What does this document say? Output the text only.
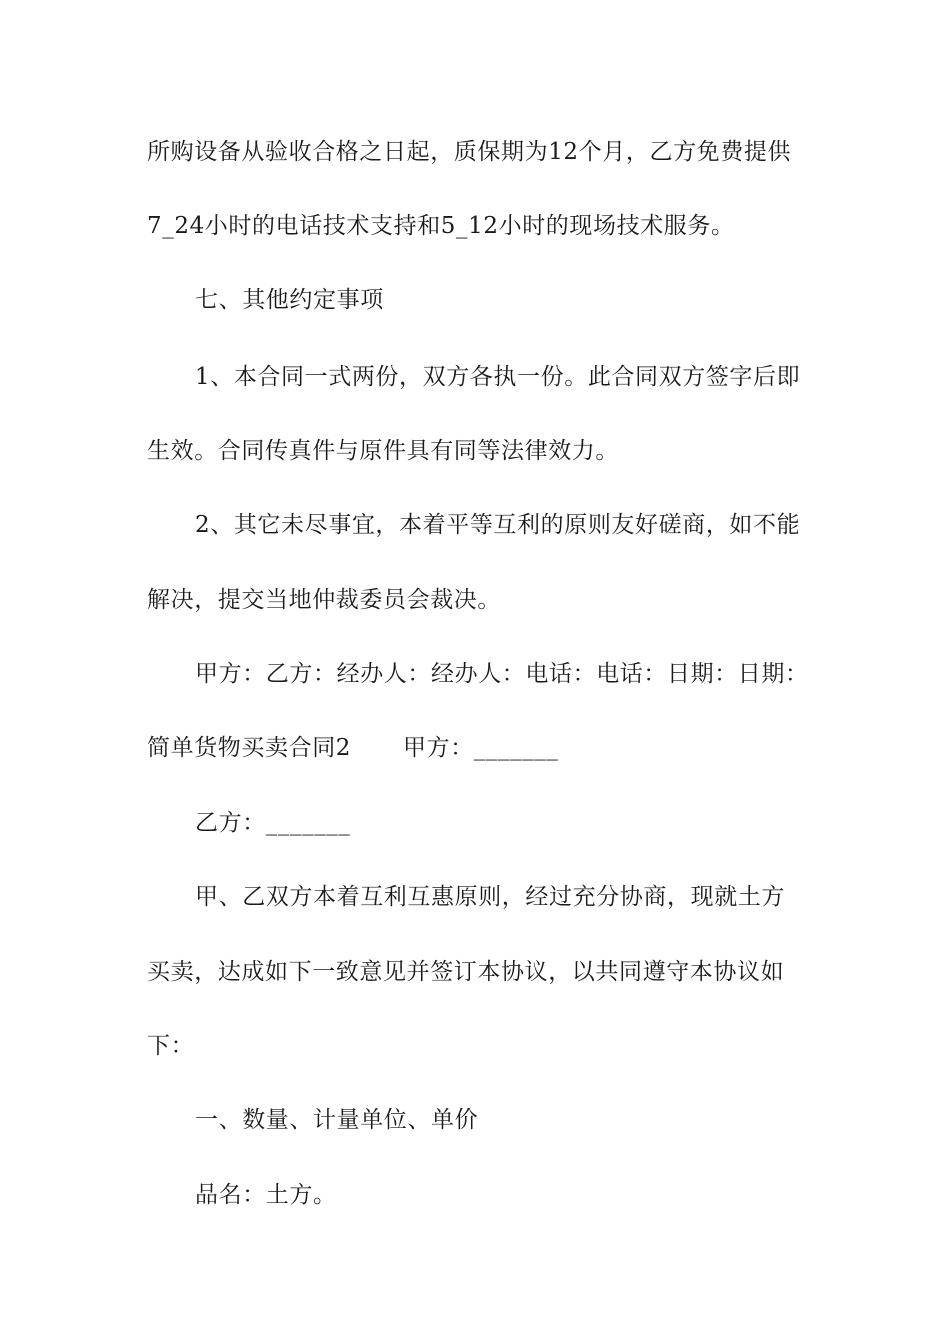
所购设备从验收合格之日起，质保期为12个月，乙方免费提供
7_24小时的电话技术支持和5_12小时的现场技术服务。
七、其他约定事项
1、本合同一式两份，双方各执一份。此合同双方签字后即
生效。合同传真件与原件具有同等法律效力。
2、其它未尽事宜，本着平等互利的原则友好磋商，如不能
解决，提交当地仲裁委员会裁决。
甲方：乙方：经办人：经办人：电话：电话：日期：日期：
简单货物买卖合同2	甲方：_______
乙方：_______
甲、乙双方本着互利互惠原则，经过充分协商，现就土方
买卖，达成如下一致意见并签订本协议，以共同遵守本协议如
下：
一、数量、计量单位、单价
品名：土方。
